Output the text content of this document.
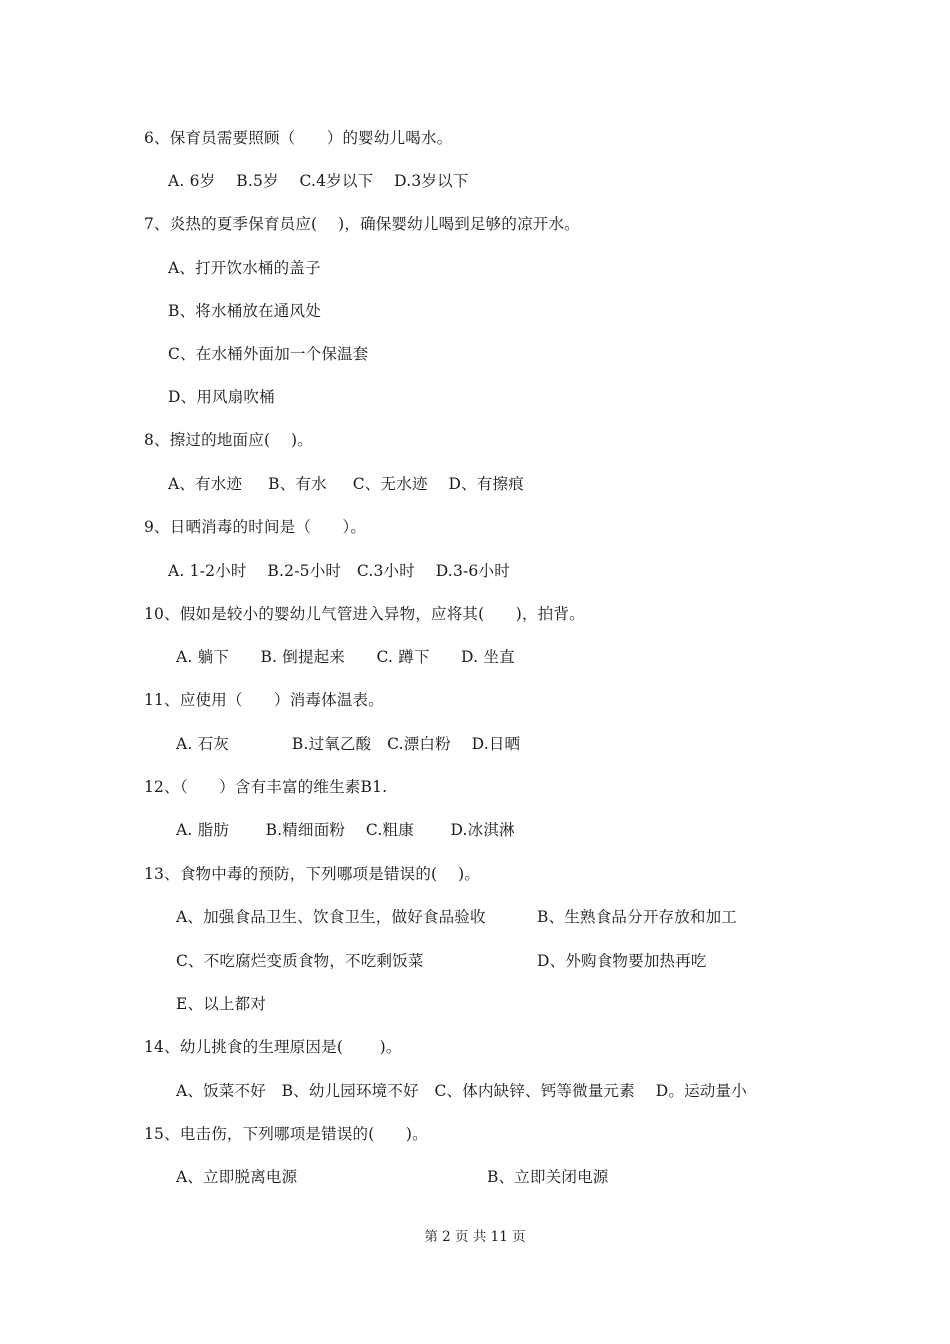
6、保育员需要照顾（　　）的婴幼儿喝水。
A. 6岁　 B.5岁　 C.4岁以下　 D.3岁以下
7、炎热的夏季保育员应(　 )，确保婴幼儿喝到足够的凉开水。
A、打开饮水桶的盖子
B、将水桶放在通风处
C、在水桶外面加一个保温套
D、用风扇吹桶
8、擦过的地面应(　 )。
A、有水迹　  B、有水　  C、无水迹　 D、有擦痕
9、日晒消毒的时间是（　　）。
A. 1-2小时　 B.2-5小时　C.3小时　 D.3-6小时
10、假如是较小的婴幼儿气管进入异物，应将其(　　)，拍背。
A. 躺下　　B. 倒提起来　　C. 蹲下　　D. 坐直
11、应使用（　　）消毒体温表。
A. 石灰　　　　B.过氧乙酸　C.漂白粉　 D.日晒
12、（　　）含有丰富的维生素B1.
A. 脂肪　　 B.精细面粉　 C.粗康　　 D.冰淇淋
13、食物中毒的预防，下列哪项是错误的(　 )。
A、加强食品卫生、饮食卫生，做好食品验收	B、生熟食品分开存放和加工
C、不吃腐烂变质食物，不吃剩饭菜	D、外购食物要加热再吃
E、以上都对
14、幼儿挑食的生理原因是(　　 )。
A、饭菜不好　B、幼儿园环境不好　C、体内缺锌、钙等微量元素　 D。运动量小
15、电击伤，下列哪项是错误的(　　)。
A、立即脱离电源	B、立即关闭电源
第 2 页 共 11 页
